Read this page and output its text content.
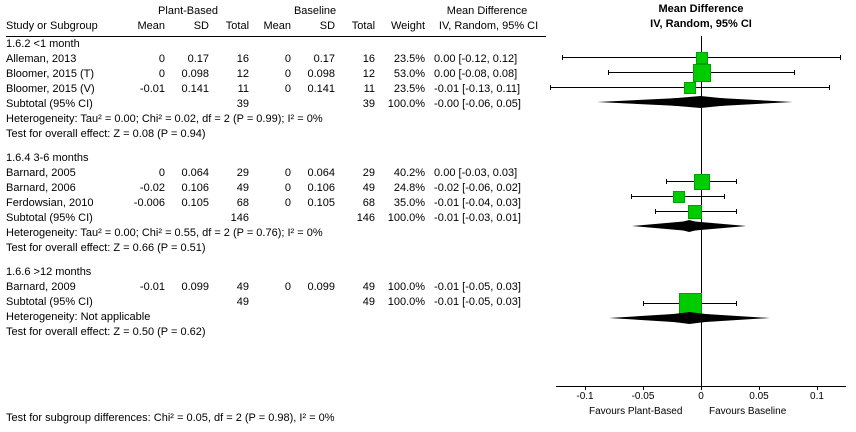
	Plant-Based			Baseline				Mean Difference
Study or Subgroup	Mean	SD	Total	Mean	SD	Total	Weight	IV, Random, 95% CI

1.6.2 <1 month								
Alleman, 2013	0	0.17	16	0	0.17	16	23.5%	0.00 [-0.12, 0.12]
Bloomer, 2015 (T)	0	0.098	12	0	0.098	12	53.0%	0.00 [-0.08, 0.08]
Bloomer, 2015 (V)	-0.01	0.141	11	0	0.141	11	23.5%	-0.01 [-0.13, 0.11]
Subtotal (95% CI)			39			39	100.0%	-0.00 [-0.06, 0.05]
Heterogeneity: Tau² = 0.00; Chi² = 0.02, df = 2 (P = 0.99); I² = 0%								
Test for overall effect: Z = 0.08 (P = 0.94)								

1.6.4 3-6 months								
Barnard, 2005	0	0.064	29	0	0.064	29	40.2%	0.00 [-0.03, 0.03]
Barnard, 2006	-0.02	0.106	49	0	0.106	49	24.8%	-0.02 [-0.06, 0.02]
Ferdowsian, 2010	-0.006	0.105	68	0	0.105	68	35.0%	-0.01 [-0.04, 0.03]
Subtotal (95% CI)			146			146	100.0%	-0.01 [-0.03, 0.01]
Heterogeneity: Tau² = 0.00; Chi² = 0.55, df = 2 (P = 0.76); I² = 0%								
Test for overall effect: Z = 0.66 (P = 0.51)								

1.6.6 >12 months								
Barnard, 2009	-0.01	0.099	49	0	0.099	49	100.0%	-0.01 [-0.05, 0.03]
Subtotal (95% CI)			49			49	100.0%	-0.01 [-0.05, 0.03]
Heterogeneity: Not applicable								
Test for overall effect: Z = 0.50 (P = 0.62)								
Mean Difference
IV, Random, 95% CI
-0.1	-0.05	0	0.05	0.1
Favours Plant-Based	Favours Baseline
Test for subgroup differences: Chi² = 0.05, df = 2 (P = 0.98), I² = 0%
